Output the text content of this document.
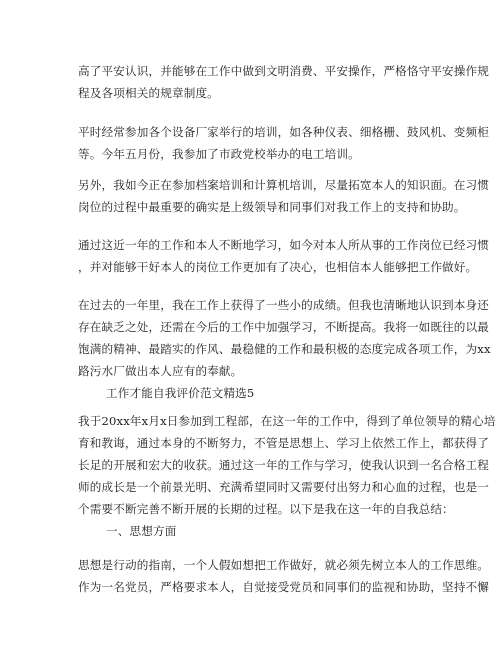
高了平安认识，并能够在工作中做到文明消费、平安操作，严格恪守平安操作规
程及各项相关的规章制度。
平时经常参加各个设备厂家举行的培训，如各种仪表、细格栅、鼓风机、变频柜
等。今年五月份，我参加了市政党校举办的电工培训。
另外，我如今正在参加档案培训和计算机培训，尽量拓宽本人的知识面。在习惯
岗位的过程中最重要的确实是上级领导和同事们对我工作上的支持和协助。
通过这近一年的工作和本人不断地学习，如今对本人所从事的工作岗位已经习惯
，并对能够干好本人的岗位工作更加有了决心，也相信本人能够把工作做好。
在过去的一年里，我在工作上获得了一些小的成绩。但我也清晰地认识到本身还
存在缺乏之处，还需在今后的工作中加强学习，不断提高。我将一如既往的以最
饱满的精神、最踏实的作风、最稳健的工作和最积极的态度完成各项工作，为xx
路污水厂做出本人应有的奉献。
工作才能自我评价范文精选5
我于20xx年x月x日参加到工程部，在这一年的工作中，得到了单位领导的精心培
育和教诲，通过本身的不断努力，不管是思想上、学习上依然工作上，都获得了
长足的开展和宏大的收获。通过这一年的工作与学习，使我认识到一名合格工程
师的成长是一个前景光明、充满希望同时又需要付出努力和心血的过程，也是一
个需要不断完善不断开展的长期的过程。以下是我在这一年的自我总结：
一、思想方面
思想是行动的指南，一个人假如想把工作做好，就必须先树立本人的工作思维。
作为一名党员，严格要求本人，自觉接受党员和同事们的监视和协助，坚持不懈
